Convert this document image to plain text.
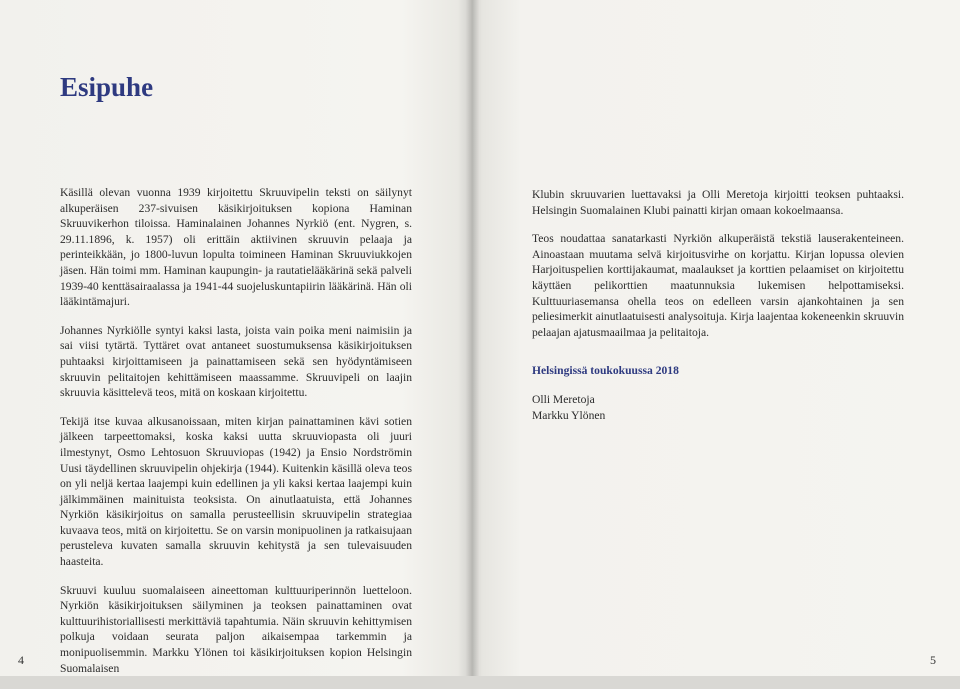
Esipuhe

Käsillä olevan vuonna 1939 kirjoitettu Skruuvipelin teksti on säilynyt alkuperäisen 237-sivuisen käsikirjoituksen kopiona Haminan Skruuvikerhon tiloissa. Haminalainen Johannes Nyrkiö (ent. Nygren, s. 29.11.1896, k. 1957) oli erittäin aktiivinen skruuvin pelaaja ja perinteikkään, jo 1800-luvun lopulta toimineen Haminan Skruuviukkojen jäsen. Hän toimi mm. Haminan kaupungin- ja rautatielääkärinä sekä palveli 1939-40 kenttäsairaalassa ja 1941-44 suojeluskuntapiirin lääkärinä. Hän oli lääkintämajuri.

Johannes Nyrkiölle syntyi kaksi lasta, joista vain poika meni naimisiin ja sai viisi tytärtä. Tyttäret ovat antaneet suostumuksensa käsikirjoituksen puhtaaksi kirjoittamiseen ja painattamiseen sekä sen hyödyntämiseen skruuvin pelitaitojen kehittämiseen maassamme. Skruuvipeli on laajin skruuvia käsittelevä teos, mitä on koskaan kirjoitettu.

Tekijä itse kuvaa alkusanoissaan, miten kirjan painattaminen kävi sotien jälkeen tarpeettomaksi, koska kaksi uutta skruuviopasta oli juuri ilmestynyt, Osmo Lehtosuon Skruuviopas (1942) ja Ensio Nordströmin Uusi täydellinen skruuvipelin ohjekirja (1944). Kuitenkin käsillä oleva teos on yli neljä kertaa laajempi kuin edellinen ja yli kaksi kertaa laajempi kuin jälkimmäinen mainituista teoksista. On ainutlaatuista, että Johannes Nyrkiön käsikirjoitus on samalla perusteellisin skruuvipelin strategiaa kuvaava teos, mitä on kirjoitettu. Se on varsin monipuolinen ja ratkaisujaan perusteleva kuvaten samalla skruuvin kehitystä ja sen tulevaisuuden haasteita.

Skruuvi kuuluu suomalaiseen aineettoman kulttuuriperinnön luetteloon. Nyrkiön käsikirjoituksen säilyminen ja teoksen painattaminen ovat kulttuurihistoriallisesti merkittäviä tapahtumia. Näin skruuvin kehittymisen polkuja voidaan seurata paljon aikaisempaa tarkemmin ja monipuolisemmin. Markku Ylönen toi käsikirjoituksen kopion Helsingin Suomalaisen

4

Klubin skruuvarien luettavaksi ja Olli Meretoja kirjoitti teoksen puhtaaksi. Helsingin Suomalainen Klubi painatti kirjan omaan kokoelmaansa.

Teos noudattaa sanatarkasti Nyrkiön alkuperäistä tekstiä lauserakenteineen. Ainoastaan muutama selvä kirjoitusvirhe on korjattu. Kirjan lopussa olevien Harjoituspelien korttijakaumat, maalaukset ja korttien pelaamiset on kirjoitettu käyttäen pelikorttien maatunnuksia lukemisen helpottamiseksi. Kulttuuriasemansa ohella teos on edelleen varsin ajankohtainen ja sen peliesimerkit ainutlaatuisesti analysoituja. Kirja laajentaa kokeneenkin skruuvin pelaajan ajatusmaailmaa ja pelitaitoja.

Helsingissä toukokuussa 2018

Olli Meretoja

Markku Ylönen

5
